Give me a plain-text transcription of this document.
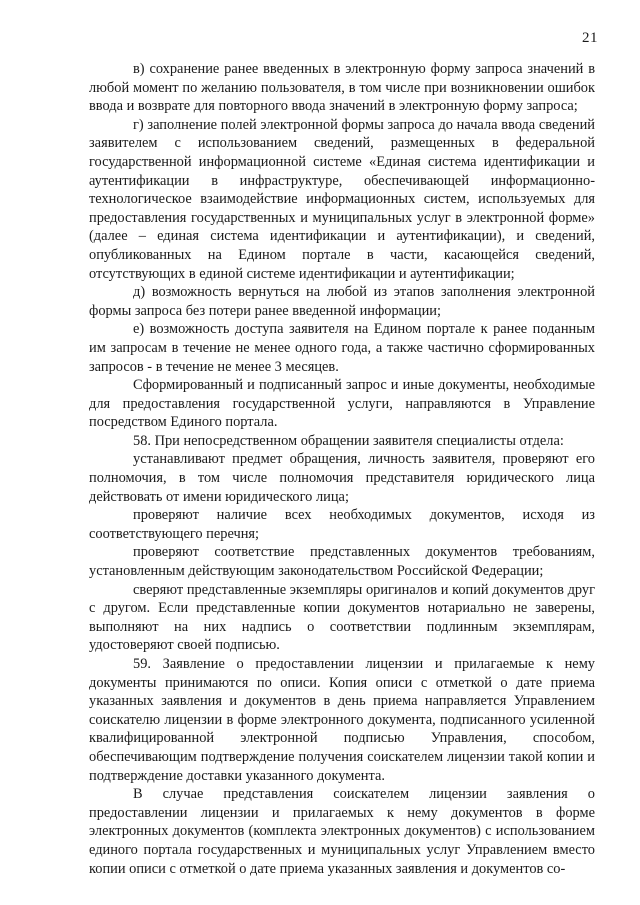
21

в) сохранение ранее введенных в электронную форму запроса значений в любой момент по желанию пользователя, в том числе при возникновении ошибок ввода и возврате для повторного ввода значений в электронную форму запроса;

г) заполнение полей электронной формы запроса до начала ввода сведений заявителем с использованием сведений, размещенных в федеральной государственной информационной системе «Единая система идентификации и аутентификации в инфраструктуре, обеспечивающей информационно-технологическое взаимодействие информационных систем, используемых для предоставления государственных и муниципальных услуг в электронной форме» (далее – единая система идентификации и аутентификации), и сведений, опубликованных на Едином портале в части, касающейся сведений, отсутствующих в единой системе идентификации и аутентификации;

д) возможность вернуться на любой из этапов заполнения электронной формы запроса без потери ранее введенной информации;

е) возможность доступа заявителя на Едином портале к ранее поданным им запросам в течение не менее одного года, а также частично сформированных запросов - в течение не менее 3 месяцев.

Сформированный и подписанный запрос и иные документы, необходимые для предоставления государственной услуги, направляются в Управление посредством Единого портала.

58. При непосредственном обращении заявителя специалисты отдела:

устанавливают предмет обращения, личность заявителя, проверяют его полномочия, в том числе полномочия представителя юридического лица действовать от имени юридического лица;

проверяют наличие всех необходимых документов, исходя из соответствующего перечня;

проверяют соответствие представленных документов требованиям, установленным действующим законодательством Российской Федерации;

сверяют представленные экземпляры оригиналов и копий документов друг с другом. Если представленные копии документов нотариально не заверены, выполняют на них надпись о соответствии подлинным экземплярам, удостоверяют своей подписью.

59. Заявление о предоставлении лицензии и прилагаемые к нему документы принимаются по описи. Копия описи с отметкой о дате приема указанных заявления и документов в день приема направляется Управлением соискателю лицензии в форме электронного документа, подписанного усиленной квалифицированной электронной подписью Управления, способом, обеспечивающим подтверждение получения соискателем лицензии такой копии и подтверждение доставки указанного документа.

В случае представления соискателем лицензии заявления о предоставлении лицензии и прилагаемых к нему документов в форме электронных документов (комплекта электронных документов) с использованием единого портала государственных и муниципальных услуг Управлением вместо копии описи с отметкой о дате приема указанных заявления и документов со-
